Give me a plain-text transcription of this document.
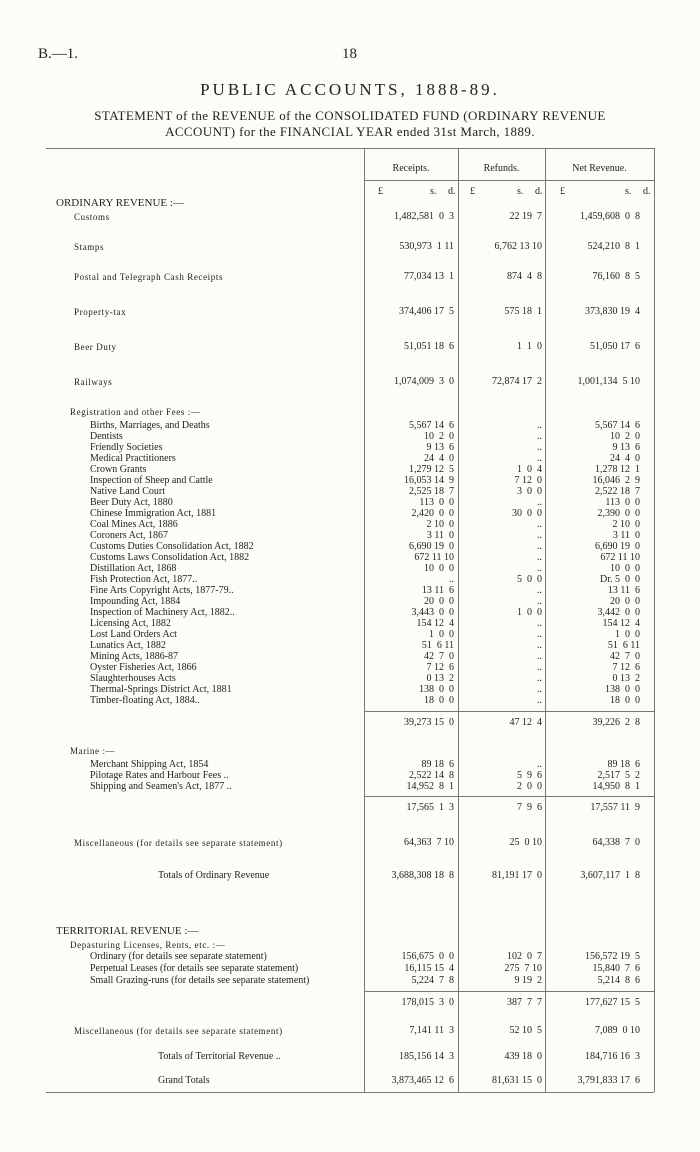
B.—1.	18
PUBLIC ACCOUNTS, 1888-89.
STATEMENT of the REVENUE of the CONSOLIDATED FUND (ORDINARY REVENUE
ACCOUNT) for the FINANCIAL YEAR ended 31st March, 1889.
Receipts.	Refunds.	Net Revenue.
£	s. d. £	s. d. £	s. d.
ORDINARY REVENUE :—
Customs	1,482,581  0  3	22 19  7	1,459,608  0  8
Stamps	530,973  1 11	6,762 13 10	524,210  8  1
Postal and Telegraph Cash Receipts	77,034 13  1	874  4  8	76,160  8  5
Property-tax	374,406 17  5	575 18  1	373,830 19  4
Beer Duty	51,051 18  6	1  1  0	51,050 17  6
Railways	1,074,009  3  0	72,874 17  2	1,001,134  5 10
Registration and other Fees :—
Births, Marriages, and Deaths	5,567 14  6	..	5,567 14  6
Dentists	10  2  0	..	10  2  0
Friendly Societies	9 13  6	..	9 13  6
Medical Practitioners	24  4  0	..	24  4  0
Crown Grants	1,279 12  5	1  0  4	1,278 12  1
Inspection of Sheep and Cattle	16,053 14  9	7 12  0	16,046  2  9
Native Land Court	2,525 18  7	3  0  0	2,522 18  7
Beer Duty Act, 1880	113  0  0	..	113  0  0
Chinese Immigration Act, 1881	2,420  0  0	30  0  0	2,390  0  0
Coal Mines Act, 1886	2 10  0	..	2 10  0
Coroners Act, 1867	3 11  0	..	3 11  0
Customs Duties Consolidation Act, 1882	6,690 19  0	..	6,690 19  0
Customs Laws Consolidation Act, 1882	672 11 10	..	672 11 10
Distillation Act, 1868	10  0  0	..	10  0  0
Fish Protection Act, 1877..	..	5  0  0	Dr. 5  0  0
Fine Arts Copyright Acts, 1877-79..	13 11  6	..	13 11  6
Impounding Act, 1884	20  0  0	..	20  0  0
Inspection of Machinery Act, 1882..	3,443  0  0	1  0  0	3,442  0  0
Licensing Act, 1882	154 12  4	..	154 12  4
Lost Land Orders Act	1  0  0	..	1  0  0
Lunatics Act, 1882	51  6 11	..	51  6 11
Mining Acts, 1886-87	42  7  0	..	42  7  0
Oyster Fisheries Act, 1866	7 12  6	..	7 12  6
Slaughterhouses Acts	0 13  2	..	0 13  2
Thermal-Springs District Act, 1881	138  0  0	..	138  0  0
Timber-floating Act, 1884..	18  0  0	..	18  0  0
39,273 15  0	47 12  4	39,226  2  8
Marine :—
Merchant Shipping Act, 1854	89 18  6	..	89 18  6
Pilotage Rates and Harbour Fees ..	2,522 14  8	5  9  6	2,517  5  2
Shipping and Seamen's Act, 1877 ..	14,952  8  1	2  0  0	14,950  8  1
17,565  1  3	7  9  6	17,557 11  9
Miscellaneous (for details see separate statement)	64,363  7 10	25  0 10	64,338  7  0
Totals of Ordinary Revenue	3,688,308 18  8	81,191 17  0	3,607,117  1  8
TERRITORIAL REVENUE :—
Depasturing Licenses, Rents, etc. :—
Ordinary (for details see separate statement)	156,675  0  0	102  0  7	156,572 19  5
Perpetual Leases (for details see separate statement)	16,115 15  4	275  7 10	15,840  7  6
Small Grazing-runs (for details see separate statement)	5,224  7  8	9 19  2	5,214  8  6
178,015  3  0	387  7  7	177,627 15  5
Miscellaneous (for details see separate statement)	7,141 11  3	52 10  5	7,089  0 10
Totals of Territorial Revenue ..	185,156 14  3	439 18  0	184,716 16  3
Grand Totals	3,873,465 12  6	81,631 15  0	3,791,833 17  6
